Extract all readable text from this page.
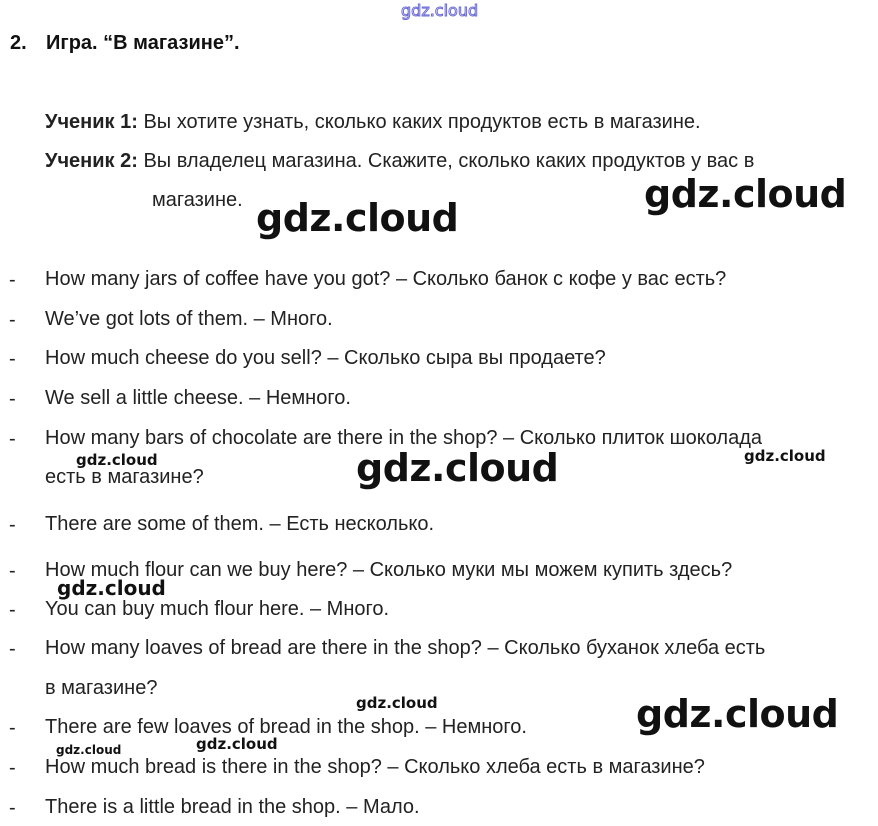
gdz.cloud
2. Игра. “В магазине”.
Ученик 1: Вы хотите узнать, сколько каких продуктов есть в магазине.
Ученик 2: Вы владелец магазина. Скажите, сколько каких продуктов у вас в
магазине.
-
-
-
-
-
-
-
-
-
-
-
-
How many jars of coffee have you got? – Сколько банок с кофе у вас есть?
We’ve got lots of them. – Много.
How much cheese do you sell? – Сколько сыра вы продаете?
We sell a little cheese. – Немного.
How many bars of chocolate are there in the shop? – Сколько плиток шоколада
есть в магазине?
There are some of them. – Есть несколько.
How much flour can we buy here? – Сколько муки мы можем купить здесь?
You can buy much flour here. – Много.
How many loaves of bread are there in the shop? – Сколько буханок хлеба есть
в магазине?
There are few loaves of bread in the shop. – Немного.
How much bread is there in the shop? – Сколько хлеба есть в магазине?
There is a little bread in the shop. – Мало.
gdz.cloud
gdz.cloud
gdz.cloud
gdz.cloud	gdz.cloud
gdz.cloud
gdz.cloud
gdz.cloud
gdz.cloud
gdz.cloud
